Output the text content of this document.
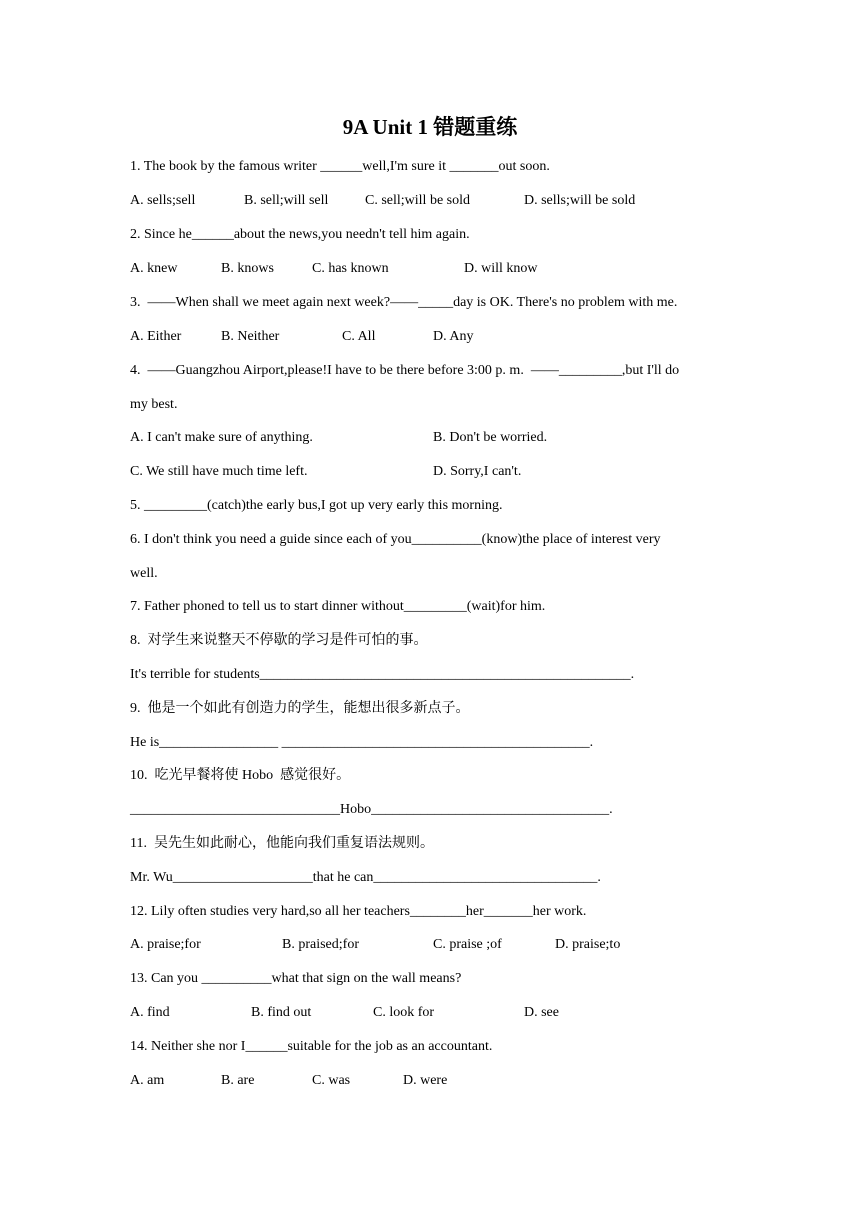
9A Unit 1 错题重练
1. The book by the famous writer ______well,I'm sure it _______out soon.
A. sells;sell	B. sell;will sell	C. sell;will be sold	D. sells;will be sold
2. Since he______about the news,you needn't tell him again.
A. knew	B. knows	C. has known	D. will know
3.  ——When shall we meet again next week?——_____day is OK. There's no problem with me.
A. Either	B. Neither	C. All	D. Any
4.  ——Guangzhou Airport,please!I have to be there before 3:00 p. m.  ——_________,but I'll do
my best.
A. I can't make sure of anything.	B. Don't be worried.
C. We still have much time left.	D. Sorry,I can't.
5. _________(catch)the early bus,I got up very early this morning.
6. I don't think you need a guide since each of you__________(know)the place of interest very
well.
7. Father phoned to tell us to start dinner without_________(wait)for him.
8.  对学生来说整天不停歇的学习是件可怕的事。
It's terrible for students_____________________________________________________.
9.  他是一个如此有创造力的学生，能想出很多新点子。
He is_________________ ____________________________________________.
10.  吃光早餐将使 Hobo  感觉很好。
______________________________Hobo__________________________________.
11.  吴先生如此耐心，他能向我们重复语法规则。
Mr. Wu____________________that he can________________________________.
12. Lily often studies very hard,so all her teachers________her_______her work.
A. praise;for	B. praised;for	C. praise ;of	D. praise;to
13. Can you __________what that sign on the wall means?
A. find	B. find out	C. look for	D. see
14. Neither she nor I______suitable for the job as an accountant.
A. am	B. are	C. was	D. were
